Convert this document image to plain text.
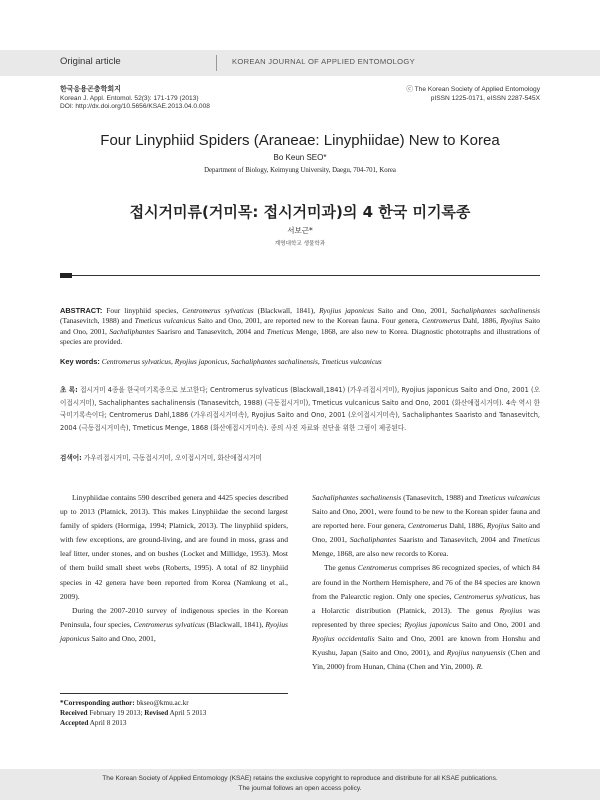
Original article	KOREAN JOURNAL OF APPLIED ENTOMOLOGY
한국응용곤충학회지
Korean J. Appl. Entomol. 52(3): 171-179 (2013)
DOI: http://dx.doi.org/10.5656/KSAE.2013.04.0.008
ⓒ The Korean Society of Applied Entomology
pISSN 1225-0171, eISSN 2287-545X
Four Linyphiid Spiders (Araneae: Linyphiidae) New to Korea
Bo Keun SEO*
Department of Biology, Keimyung University, Daegu, 704-701, Korea
접시거미류(거미목: 접시거미과)의 4 한국 미기록종
서보근*
계명대학교 생물학과
ABSTRACT: Four linyphiid species, Centromerus sylvaticus (Blackwall, 1841), Ryojius japonicus Saito and Ono, 2001, Sachaliphantes sachalinensis (Tanasevitch, 1988) and Tmeticus vulcanicus Saito and Ono, 2001, are reported new to the Korean fauna. Four genera, Centromerus Dahl, 1886, Ryojius Saito and Ono, 2001, Sachaliphantes Saarisro and Tanasevitch, 2004 and Tmeticus Menge, 1868, are also new to Korea. Diagnostic phototraphs and illustrations of species are provided.
Key words: Centromerus sylvaticus, Ryojius japonicus, Sachaliphantes sachalinensis, Tmeticus vulcanicus
초 록: 접시거미 4종을 한국미기록종으로 보고한다; Centromerus sylvaticus (Blackwall,1841) (가우리접시거미), Ryojius japonicus Saito and Ono, 2001 (오이접시거미), Sachaliphantes sachalinensis (Tanasevitch, 1988) (극동접시거미), Tmeticus vulcanicus Saito and Ono, 2001 (화산애접시거미). 4속 역시 한국미기록속이다; Centromerus Dahl,1886 (가우리접시거미속), Ryojius Saito and Ono, 2001 (오이접시거미속), Sachaliphantes Saaristo and Tanasevitch, 2004 (극동접시거미속), Tmeticus Menge, 1868 (화산애접시거미속). 종의 사진 자료와 진단을 위한 그림이 제공된다.
검색어: 가우리접시거미, 극동접시거미, 오이접시거미, 화산애접시거미

Linyphiidae contains 590 described genera and 4425 species described up to 2013 (Platnick, 2013). This makes Linyphiidae the second largest family of spiders (Hormiga, 1994; Platnick, 2013). The linyphiid spiders, with few exceptions, are ground-living, and are found in moss, grass and leaf litter, under stones, and on bushes (Locket and Millidge, 1953). Most of them build small sheet webs (Roberts, 1995). A total of 82 linyphiid species in 42 genera have been reported from Korea (Namkung et al., 2009).

During the 2007-2010 survey of indigenous species in the Korean Peninsula, four species, Centromerus sylvaticus (Blackwall, 1841), Ryojius japonicus Saito and Ono, 2001,

Sachaliphantes sachalinensis (Tanasevitch, 1988) and Tmeticus vulcanicus Saito and Ono, 2001, were found to be new to the Korean spider fauna and are reported here. Four genera, Centromerus Dahl, 1886, Ryojius Saito and Ono, 2001, Sachaliphantes Saaristo and Tanasevitch, 2004 and Tmeticus Menge, 1868, are also new records to Korea.

The genus Centromerus comprises 86 recognized species, of which 84 are found in the Northern Hemisphere, and 76 of the 84 species are known from the Palearctic region. Only one species, Centromerus sylvaticus, has a Holarctic distribution (Platnick, 2013). The genus Ryojius was represented by three species; Ryojius japonicus Saito and Ono, 2001 and Ryojius occidentalis Saito and Ono, 2001 are known from Honshu and Kyushu, Japan (Saito and Ono, 2001), and Ryojius nanyuensis (Chen and Yin, 2000) from Hunan, China (Chen and Yin, 2000). R.

*Corresponding author: bkseo@kmu.ac.kr
Received February 19 2013; Revised April 5 2013
Accepted April 8 2013
The Korean Society of Applied Entomology (KSAE) retains the exclusive copyright to reproduce and distribute for all KSAE publications.
The journal follows an open access policy.
